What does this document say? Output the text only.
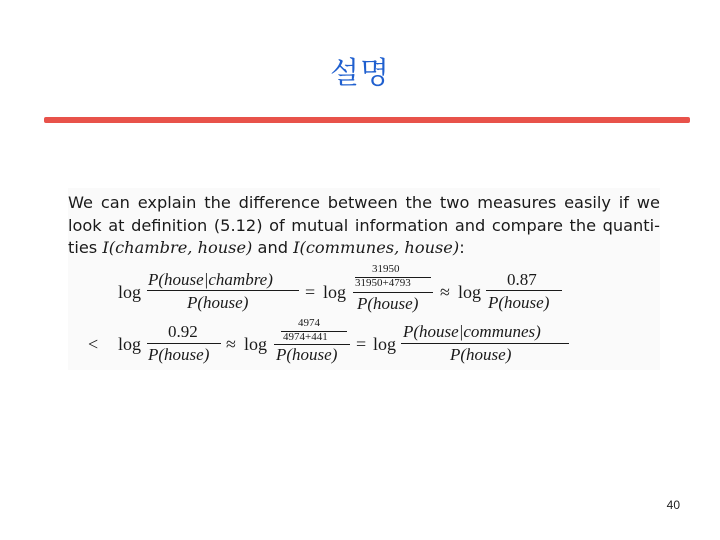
설명
We can explain the difference between the two measures easily if we
look at definition (5.12) of mutual information and compare the quanti-
ties I(chambre, house) and I(communes, house):
log
P(house|chambre)
P(house)
= log
31950
31950+4793
P(house)
≈ log
0.87
P(house)
< log
0.92
P(house)
≈ log
4974
4974+441
P(house)
= log
P(house|communes)
P(house)
40
